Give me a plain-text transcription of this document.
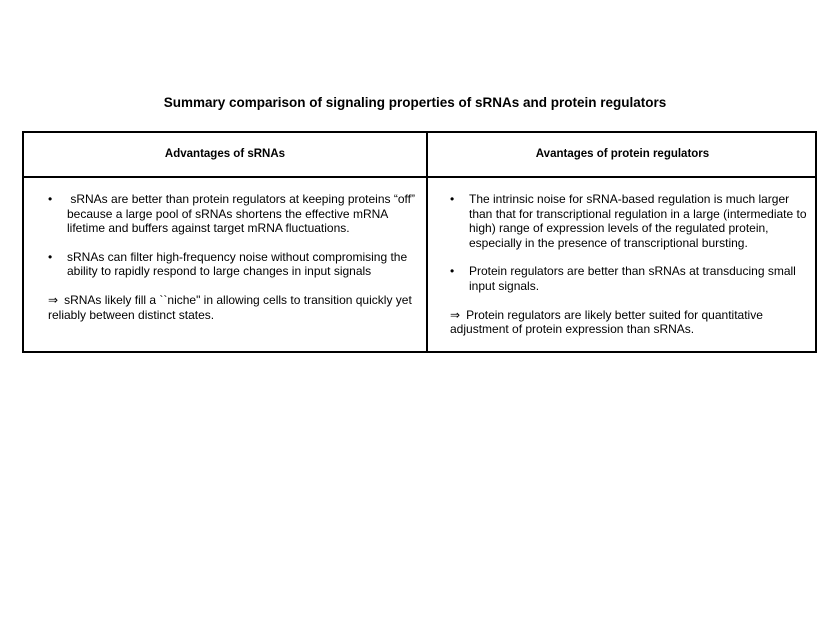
Summary comparison of signaling properties of sRNAs and protein regulators
Advantages of sRNAs	Avantages of protein regulators
• sRNAs are better than protein regulators at keeping proteins “off” because a large pool of sRNAs shortens the effective mRNA lifetime and buffers against target mRNA fluctuations.
• sRNAs can filter high-frequency noise without compromising the ability to rapidly respond to large changes in input signals
⇒ sRNAs likely fill a ``niche" in allowing cells to transition quickly yet reliably between distinct states.
• The intrinsic noise for sRNA-based regulation is much larger than that for transcriptional regulation in a large (intermediate to high) range of expression levels of the regulated protein, especially in the presence of transcriptional bursting.
• Protein regulators are better than sRNAs at transducing small input signals.
⇒ Protein regulators are likely better suited for quantitative adjustment of protein expression than sRNAs.
